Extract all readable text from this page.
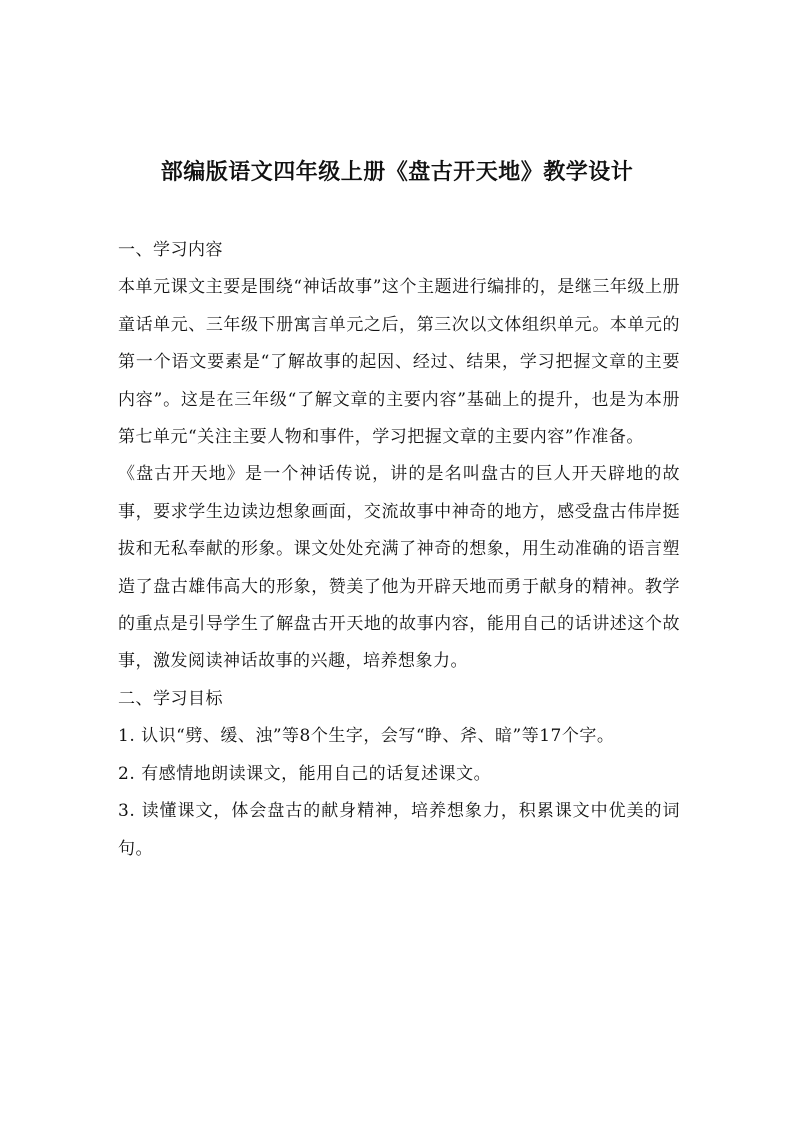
部编版语文四年级上册《盘古开天地》教学设计

一、学习内容

本单元课文主要是围绕“神话故事”这个主题进行编排的，是继三年级上册童话单元、三年级下册寓言单元之后，第三次以文体组织单元。本单元的第一个语文要素是“了解故事的起因、经过、结果，学习把握文章的主要内容”。这是在三年级“了解文章的主要内容”基础上的提升，也是为本册第七单元“关注主要人物和事件，学习把握文章的主要内容”作准备。

《盘古开天地》是一个神话传说，讲的是名叫盘古的巨人开天辟地的故事，要求学生边读边想象画面，交流故事中神奇的地方，感受盘古伟岸挺拔和无私奉献的形象。课文处处充满了神奇的想象，用生动准确的语言塑造了盘古雄伟高大的形象，赞美了他为开辟天地而勇于献身的精神。教学的重点是引导学生了解盘古开天地的故事内容，能用自己的话讲述这个故事，激发阅读神话故事的兴趣，培养想象力。

二、学习目标

1. 认识“劈、缓、浊”等8个生字，会写“睁、斧、暗”等17个字。

2. 有感情地朗读课文，能用自己的话复述课文。

3. 读懂课文，体会盘古的献身精神，培养想象力，积累课文中优美的词句。
